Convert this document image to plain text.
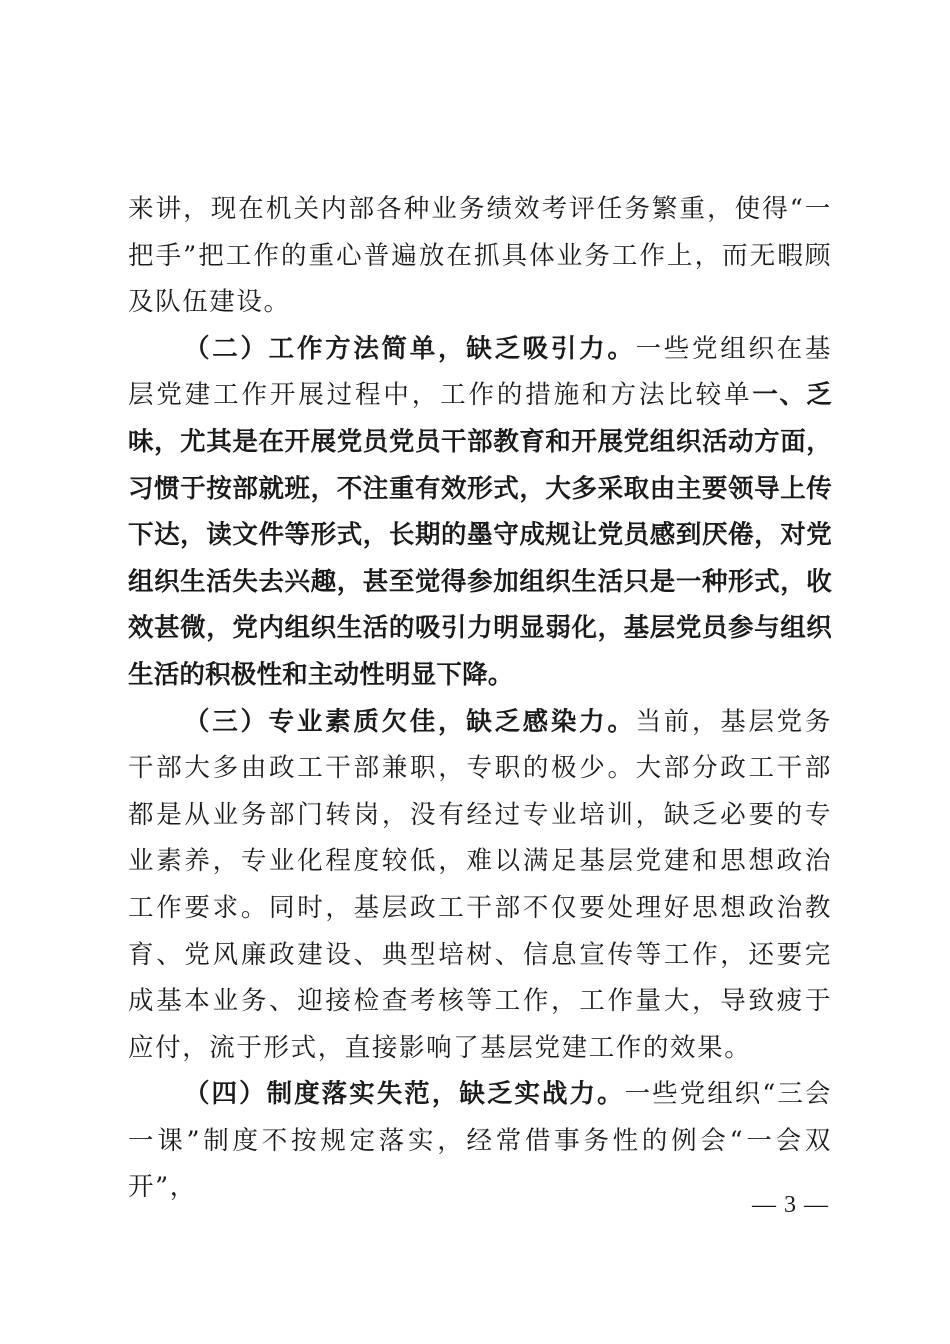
来讲，现在机关内部各种业务绩效考评任务繁重，使得“一把手”把工作的重心普遍放在抓具体业务工作上，而无暇顾及队伍建设。

（二）工作方法简单，缺乏吸引力。一些党组织在基层党建工作开展过程中，工作的措施和方法比较单一、乏味，尤其是在开展党员党员干部教育和开展党组织活动方面，习惯于按部就班，不注重有效形式，大多采取由主要领导上传下达，读文件等形式，长期的墨守成规让党员感到厌倦，对党组织生活失去兴趣，甚至觉得参加组织生活只是一种形式，收效甚微，党内组织生活的吸引力明显弱化，基层党员参与组织生活的积极性和主动性明显下降。

（三）专业素质欠佳，缺乏感染力。当前，基层党务干部大多由政工干部兼职，专职的极少。大部分政工干部都是从业务部门转岗，没有经过专业培训，缺乏必要的专业素养，专业化程度较低，难以满足基层党建和思想政治工作要求。同时，基层政工干部不仅要处理好思想政治教育、党风廉政建设、典型培树、信息宣传等工作，还要完成基本业务、迎接检查考核等工作，工作量大，导致疲于应付，流于形式，直接影响了基层党建工作的效果。

（四）制度落实失范，缺乏实战力。一些党组织“三会一课”制度不按规定落实，经常借事务性的例会“一会双开”，

— 3 —
